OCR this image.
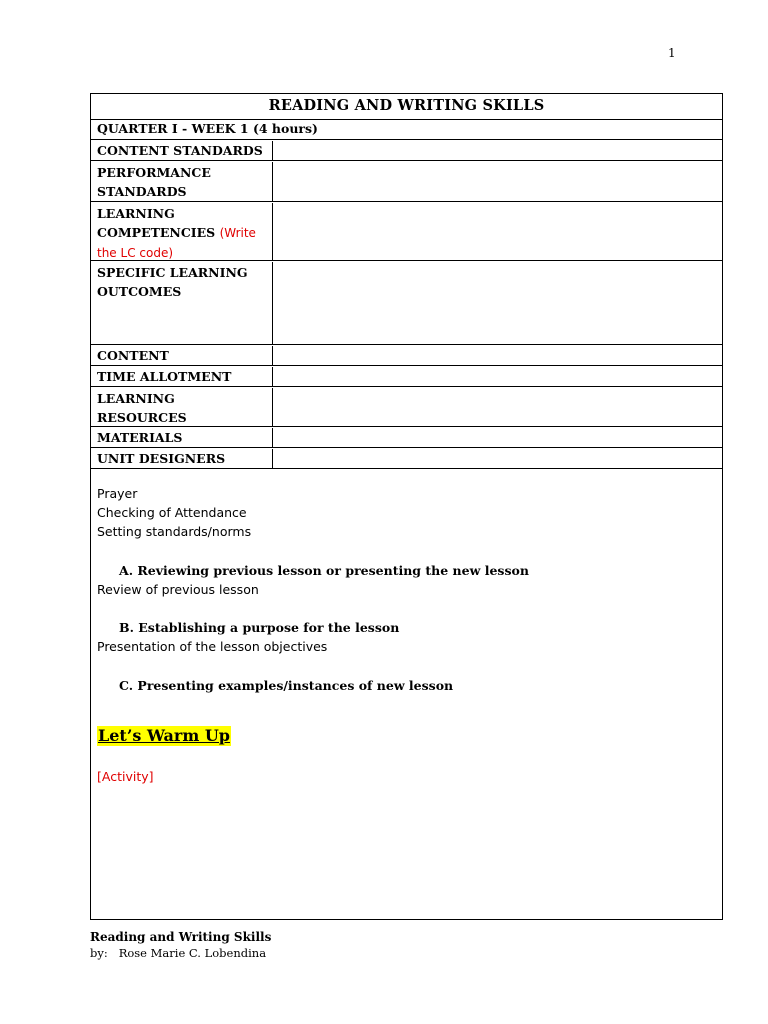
1
READING AND WRITING SKILLS
QUARTER I - WEEK 1 (4 hours)
CONTENT STANDARDS
PERFORMANCE STANDARDS
LEARNING COMPETENCIES (Write the LC code)
SPECIFIC LEARNING OUTCOMES
CONTENT
TIME ALLOTMENT
LEARNING RESOURCES
MATERIALS
UNIT DESIGNERS
Prayer
Checking of Attendance
Setting standards/norms
A. Reviewing previous lesson or presenting the new lesson
Review of previous lesson
B. Establishing a purpose for the lesson
Presentation of the lesson objectives
C. Presenting examples/instances of new lesson
Let’s Warm Up
[Activity]
Reading and Writing Skills
by:   Rose Marie C. Lobendina
